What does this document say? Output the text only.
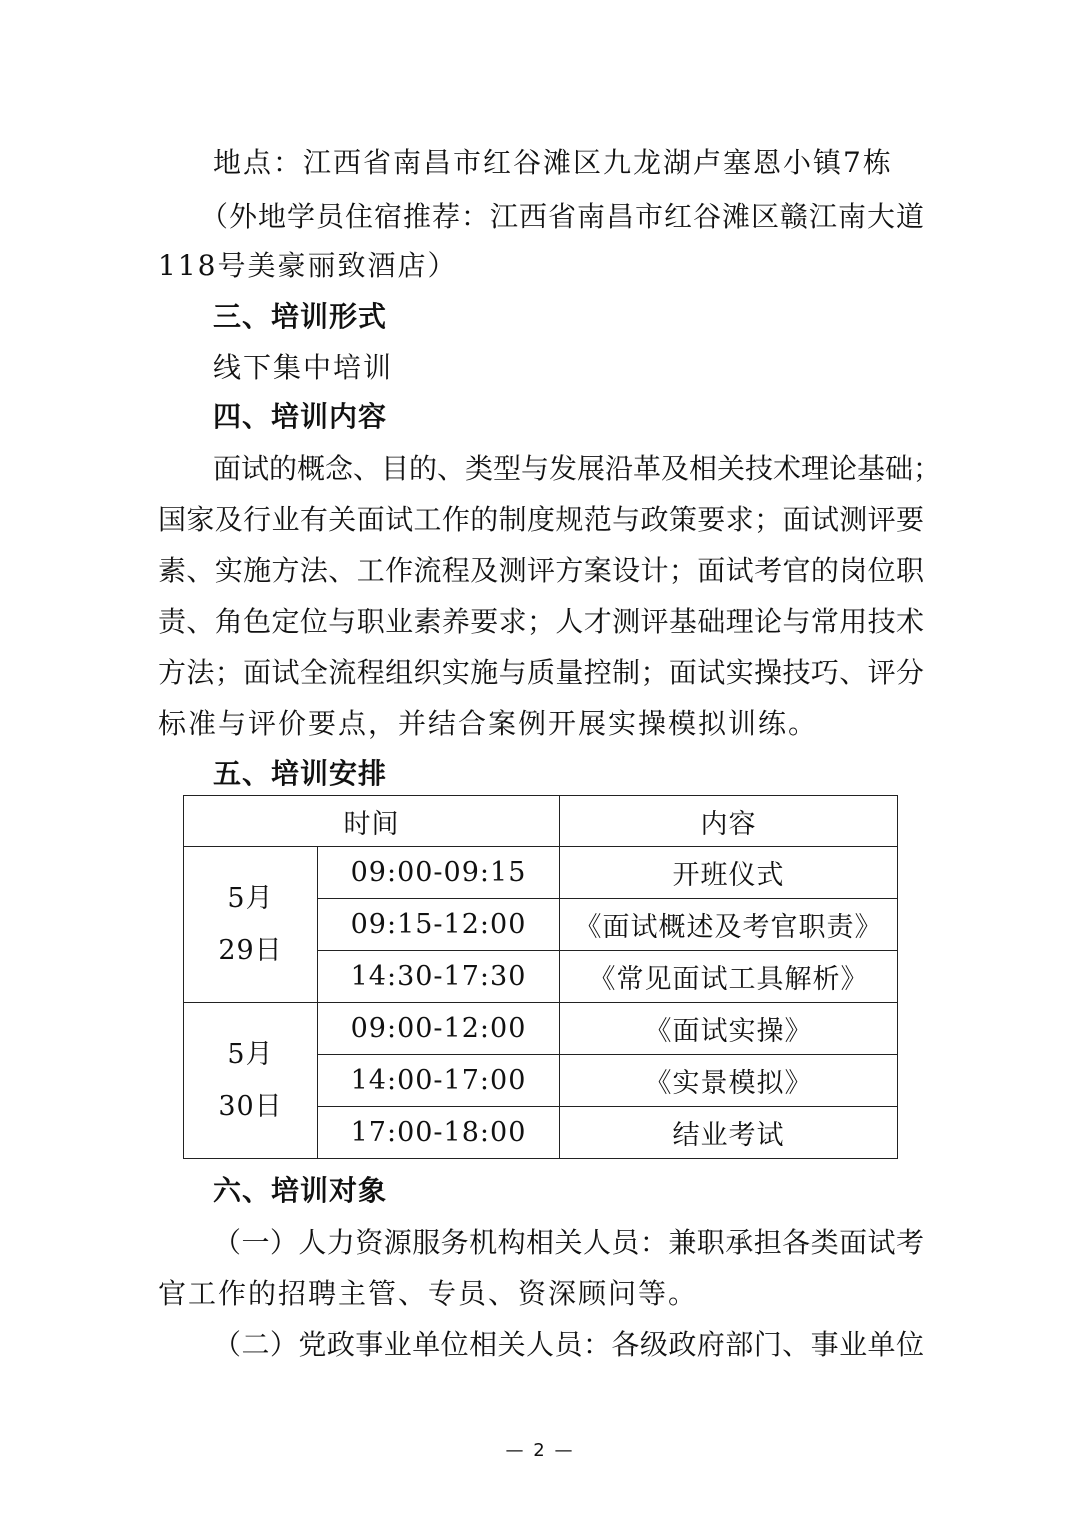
地点：江西省南昌市红谷滩区九龙湖卢塞恩小镇7栋
（外地学员住宿推荐：江西省南昌市红谷滩区赣江南大道
118号美豪丽致酒店）
三、培训形式
线下集中培训
四、培训内容
面试的概念、目的、类型与发展沿革及相关技术理论基础；
国家及行业有关面试工作的制度规范与政策要求；面试测评要
素、实施方法、工作流程及测评方案设计；面试考官的岗位职
责、角色定位与职业素养要求；人才测评基础理论与常用技术
方法；面试全流程组织实施与质量控制；面试实操技巧、评分
标准与评价要点，并结合案例开展实操模拟训练。
五、培训安排
时间		内容

5月
29日	09:00-09:15	开班仪式
	09:15-12:00	《面试概述及考官职责》
	14:30-17:30	《常见面试工具解析》

5月
30日	09:00-12:00	《面试实操》
	14:00-17:00	《实景模拟》
	17:00-18:00	结业考试
六、培训对象
（一）人力资源服务机构相关人员：兼职承担各类面试考
官工作的招聘主管、专员、资深顾问等。
（二）党政事业单位相关人员：各级政府部门、事业单位
— 2 —
